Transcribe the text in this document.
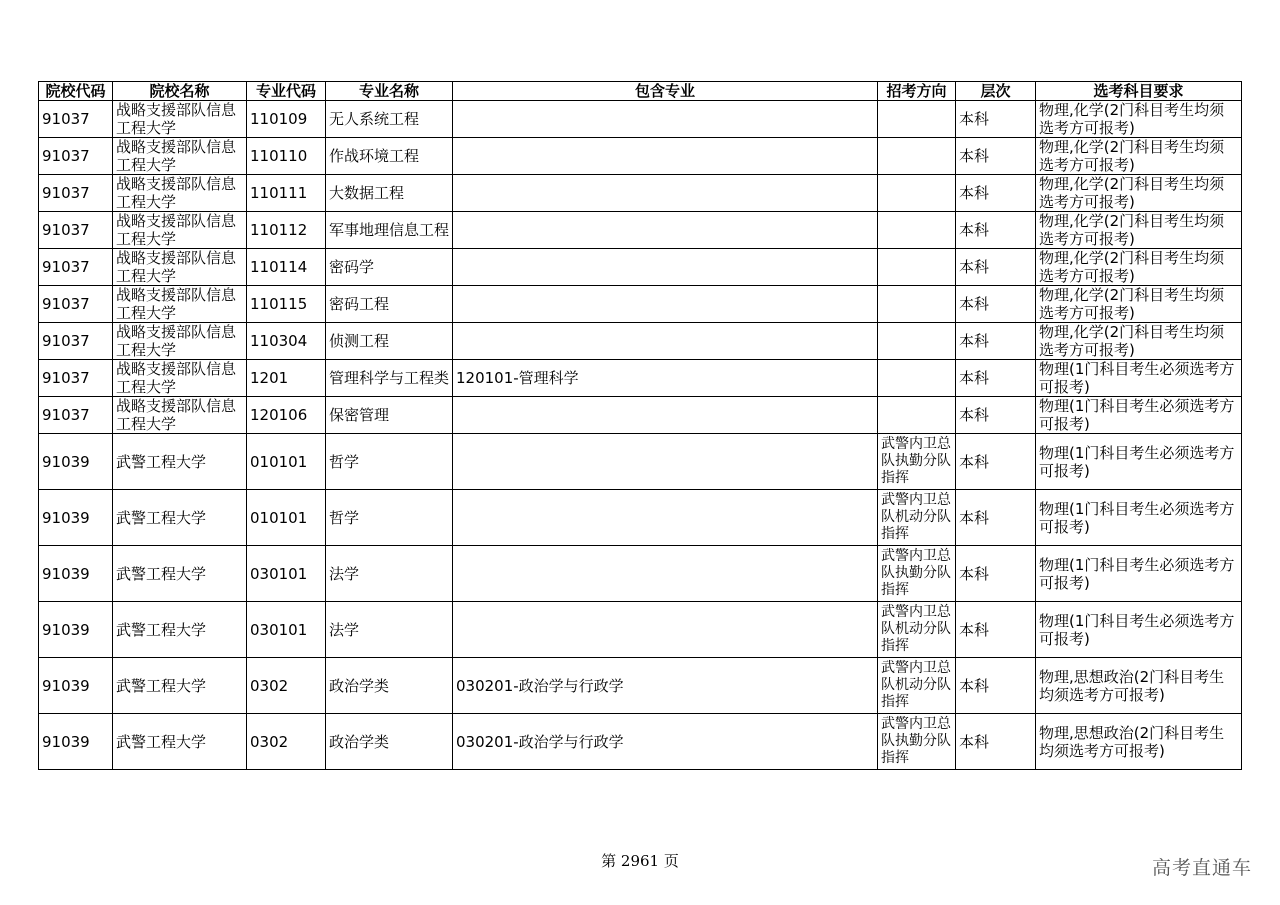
院校代码	院校名称	专业代码	专业名称	包含专业	招考方向	层次	选考科目要求
91037	战略支援部队信息工程大学	110109	无人系统工程			本科	物理,化学(2门科目考生均须选考方可报考)
91037	战略支援部队信息工程大学	110110	作战环境工程			本科	物理,化学(2门科目考生均须选考方可报考)
91037	战略支援部队信息工程大学	110111	大数据工程			本科	物理,化学(2门科目考生均须选考方可报考)
91037	战略支援部队信息工程大学	110112	军事地理信息工程			本科	物理,化学(2门科目考生均须选考方可报考)
91037	战略支援部队信息工程大学	110114	密码学			本科	物理,化学(2门科目考生均须选考方可报考)
91037	战略支援部队信息工程大学	110115	密码工程			本科	物理,化学(2门科目考生均须选考方可报考)
91037	战略支援部队信息工程大学	110304	侦测工程			本科	物理,化学(2门科目考生均须选考方可报考)
91037	战略支援部队信息工程大学	1201	管理科学与工程类	120101-管理科学		本科	物理(1门科目考生必须选考方可报考)
91037	战略支援部队信息工程大学	120106	保密管理			本科	物理(1门科目考生必须选考方可报考)
91039	武警工程大学	010101	哲学		武警内卫总队执勤分队指挥	本科	物理(1门科目考生必须选考方可报考)
91039	武警工程大学	010101	哲学		武警内卫总队机动分队指挥	本科	物理(1门科目考生必须选考方可报考)
91039	武警工程大学	030101	法学		武警内卫总队执勤分队指挥	本科	物理(1门科目考生必须选考方可报考)
91039	武警工程大学	030101	法学		武警内卫总队机动分队指挥	本科	物理(1门科目考生必须选考方可报考)
91039	武警工程大学	0302	政治学类	030201-政治学与行政学	武警内卫总队机动分队指挥	本科	物理,思想政治(2门科目考生均须选考方可报考)
91039	武警工程大学	0302	政治学类	030201-政治学与行政学	武警内卫总队执勤分队指挥	本科	物理,思想政治(2门科目考生均须选考方可报考)
第 2961 页	高考直通车
